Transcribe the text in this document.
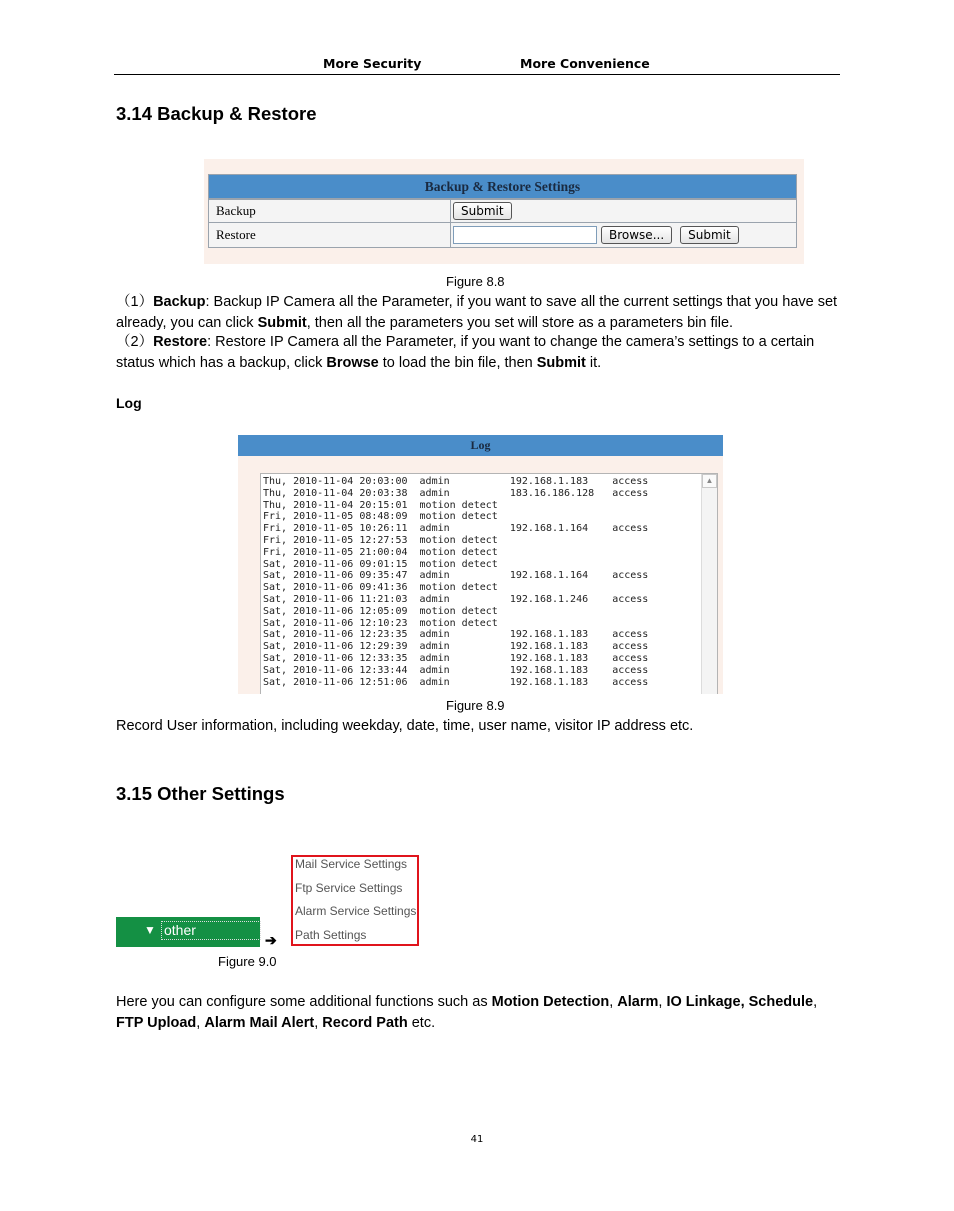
More Security	More Convenience
3.14 Backup & Restore
Backup & Restore Settings
Backup	Submit
Restore	Browse...	Submit
Figure 8.8
（1）Backup: Backup IP Camera all the Parameter, if you want to save all the current settings that you have set already, you can click Submit, then all the parameters you set will store as a parameters bin file.
（2）Restore: Restore IP Camera all the Parameter, if you want to change the camera’s settings to a certain status which has a backup, click Browse to load the bin file, then Submit it.
Log
Log
Thu, 2010-11-04 20:03:00  admin          192.168.1.183    access
Thu, 2010-11-04 20:03:38  admin          183.16.186.128   access
Thu, 2010-11-04 20:15:01  motion detect
Fri, 2010-11-05 08:48:09  motion detect
Fri, 2010-11-05 10:26:11  admin          192.168.1.164    access
Fri, 2010-11-05 12:27:53  motion detect
Fri, 2010-11-05 21:00:04  motion detect
Sat, 2010-11-06 09:01:15  motion detect
Sat, 2010-11-06 09:35:47  admin          192.168.1.164    access
Sat, 2010-11-06 09:41:36  motion detect
Sat, 2010-11-06 11:21:03  admin          192.168.1.246    access
Sat, 2010-11-06 12:05:09  motion detect
Sat, 2010-11-06 12:10:23  motion detect
Sat, 2010-11-06 12:23:35  admin          192.168.1.183    access
Sat, 2010-11-06 12:29:39  admin          192.168.1.183    access
Sat, 2010-11-06 12:33:35  admin          192.168.1.183    access
Sat, 2010-11-06 12:33:44  admin          192.168.1.183    access
Sat, 2010-11-06 12:51:06  admin          192.168.1.183    access
▲
Figure 8.9
Record User information, including weekday, date, time, user name, visitor IP address etc.
3.15 Other Settings
▼ other
➔
Mail Service Settings
Ftp Service Settings
Alarm Service Settings
Path Settings
Figure 9.0
Here you can configure some additional functions such as Motion Detection, Alarm, IO Linkage, Schedule, FTP Upload, Alarm Mail Alert, Record Path etc.
41
